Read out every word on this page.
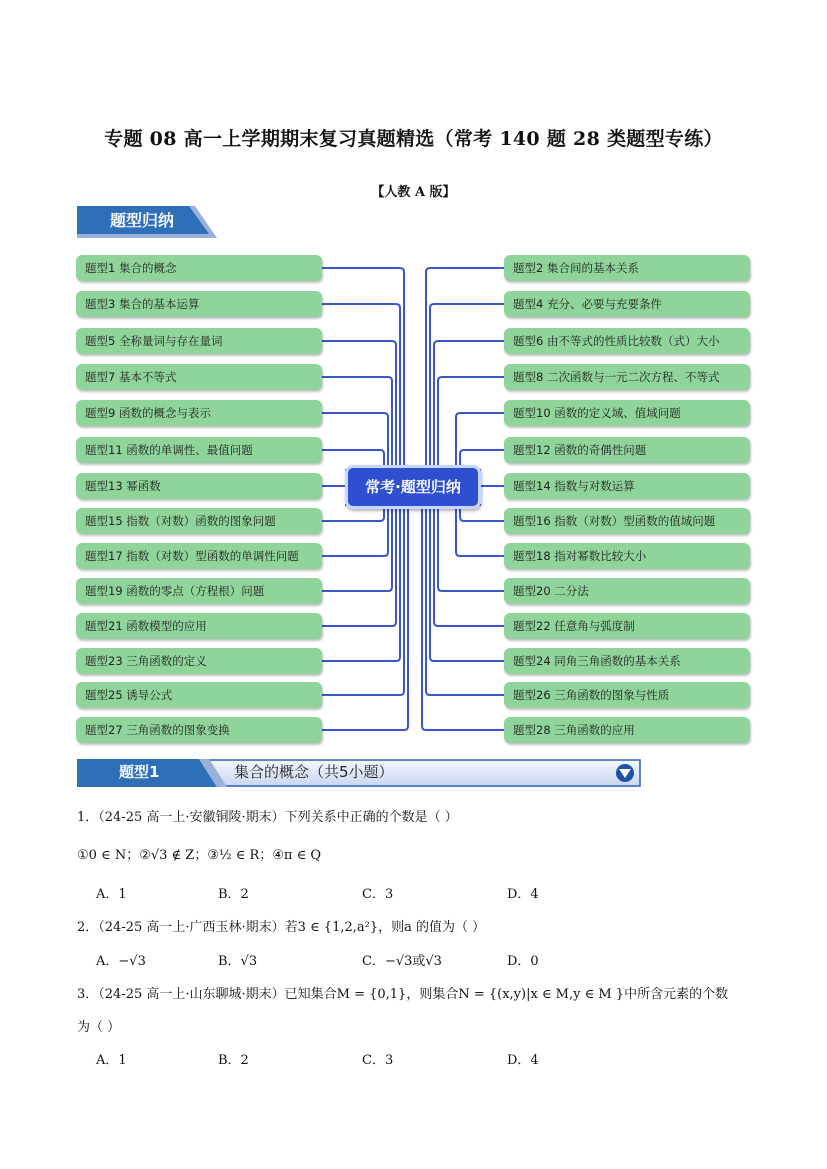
专题 08 高一上学期期末复习真题精选（常考 140 题 28 类题型专练）
【人教 A 版】
题型归纳
题型1 集合的概念
题型3 集合的基本运算
题型5 全称量词与存在量词
题型7 基本不等式
题型9 函数的概念与表示
题型11 函数的单调性、最值问题
题型13 幂函数
题型15 指数（对数）函数的图象问题
题型17 指数（对数）型函数的单调性问题
题型19 函数的零点（方程根）问题
题型21 函数模型的应用
题型23 三角函数的定义
题型25 诱导公式
题型27 三角函数的图象变换
题型2 集合间的基本关系
题型4 充分、必要与充要条件
题型6 由不等式的性质比较数（式）大小
题型8 二次函数与一元二次方程、不等式
题型10 函数的定义域、值域问题
题型12 函数的奇偶性问题
题型14 指数与对数运算
题型16 指数（对数）型函数的值域问题
题型18 指对幂数比较大小
题型20 二分法
题型22 任意角与弧度制
题型24 同角三角函数的基本关系
题型26 三角函数的图象与性质
题型28 三角函数的应用
常考·题型归纳
题型1	集合的概念（共5小题）
1．（24-25 高一上·安徽铜陵·期末）下列关系中正确的个数是（ ）
①0 ∈ N；②√3 ∉ Z；③½ ∈ R；④π ∈ Q
A．1	B．2	C．3	D．4
2．（24-25 高一上·广西玉林·期末）若3 ∈ {1,2,a²}，则a 的值为（ ）
A．−√3	B．√3	C．−√3或√3	D．0
3．（24-25 高一上·山东聊城·期末）已知集合M = {0,1}，则集合N = {(x,y)|x ∈ M,y ∈ M }中所含元素的个数
为（ ）
A．1	B．2	C．3	D．4
